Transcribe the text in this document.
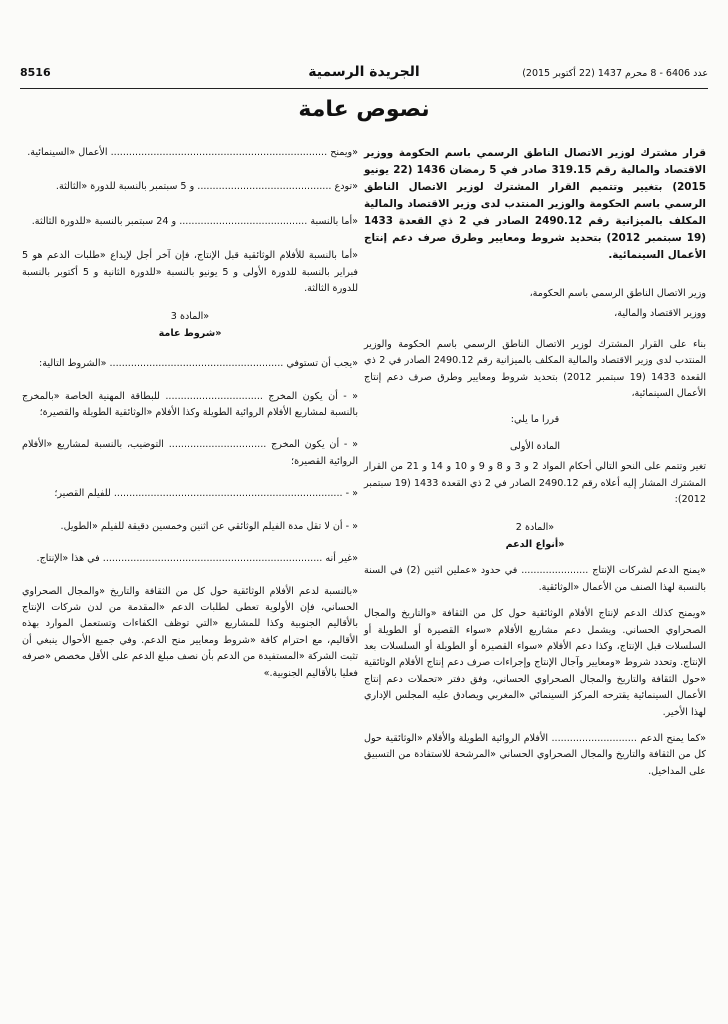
8516	الجريدة الرسمية	عدد 6406 - 8 محرم 1437 (22 أكتوبر 2015)
نصوص عامة

قرار مشترك لوزير الاتصال الناطق الرسمي باسم الحكومة ووزير الاقتصاد والمالية رقم 319.15 صادر في 5 رمضان 1436 (22 يونيو 2015) بتغيير وتتميم القرار المشترك لوزير الاتصال الناطق الرسمي باسم الحكومة والوزير المنتدب لدى وزير الاقتصاد والمالية المكلف بالميزانية رقم 2490.12 الصادر في 2 ذي القعدة 1433 (19 سبتمبر 2012) بتحديد شروط ومعايير وطرق صرف دعم إنتاج الأعمال السينمائية.

وزير الاتصال الناطق الرسمي باسم الحكومة،

ووزير الاقتصاد والمالية،

بناء على القرار المشترك لوزير الاتصال الناطق الرسمي باسم الحكومة والوزير المنتدب لدى وزير الاقتصاد والمالية المكلف بالميزانية رقم 2490.12 الصادر في 2 ذي القعدة 1433 (19 سبتمبر 2012) بتحديد شروط ومعايير وطرق صرف دعم إنتاج الأعمال السينمائية،

قررا ما يلي:

المادة الأولى

تغير وتتمم على النحو التالي أحكام المواد 2 و 3 و 8 و 9 و 10 و 14 و 21 من القرار المشترك المشار إليه أعلاه رقم 2490.12 الصادر في 2 ذي القعدة 1433 (19 سبتمبر 2012):

«المادة 2

«أنواع الدعم

«يمنح الدعم لشركات الإنتاج ...................... في حدود «عملين اثنين (2) في السنة بالنسبة لهذا الصنف من الأعمال «الوثائقية.

«ويمنح كذلك الدعم لإنتاج الأفلام الوثائقية حول كل من الثقافة «والتاريخ والمجال الصحراوي الحساني. ويشمل دعم مشاريع الأفلام «سواء القصيرة أو الطويلة أو السلسلات قبل الإنتاج، وكذا دعم الأفلام «سواء القصيرة أو الطويلة أو السلسلات بعد الإنتاج. وتحدد شروط «ومعايير وآجال الإنتاج وإجراءات صرف دعم إنتاج الأفلام الوثائقية «حول الثقافة والتاريخ والمجال الصحراوي الحساني، وفق دفتر «تحملات دعم إنتاج الأعمال السينمائية يقترحه المركز السينمائي «المغربي ويصادق عليه المجلس الإداري لهذا الأخير.

«كما يمنح الدعم ............................ الأفلام الروائية الطويلة والأفلام «الوثائقية حول كل من الثقافة والتاريخ والمجال الصحراوي الحساني «المرشحة للاستفادة من التسبيق على المداخيل.

«ويمنح ....................................................................... الأعمال «السينمائية.

«تودع ............................................ و 5 سبتمبر بالنسبة للدورة «الثالثة.

«أما بالنسبة .......................................... و 24 سبتمبر بالنسبة «للدورة الثالثة.

«أما بالنسبة للأفلام الوثائقية قبل الإنتاج، فإن آخر أجل لإيداع «طلبات الدعم هو 5 فبراير بالنسبة للدورة الأولى و 5 يونيو بالنسبة «للدورة الثانية و 5 أكتوبر بالنسبة للدورة الثالثة.

«المادة 3

«شروط عامة

«يجب أن تستوفي ......................................................... «الشروط التالية:

« - أن يكون المخرج ................................ للبطاقة المهنية الخاصة «بالمخرج بالنسبة لمشاريع الأفلام الروائية الطويلة وكذا الأفلام «الوثائقية الطويلة والقصيرة؛

« - أن يكون المخرج ................................ التوضيب، بالنسبة لمشاريع «الأفلام الروائية القصيرة؛

« - ........................................................................... للفيلم القصير؛

« - أن لا تقل مدة الفيلم الوثائقي عن اثنين وخمسين دقيقة للفيلم «الطويل.

«غير أنه ........................................................................ في هذا «الإنتاج.

«بالنسبة لدعم الأفلام الوثائقية حول كل من الثقافة والتاريخ «والمجال الصحراوي الحساني، فإن الأولوية تعطى لطلبات الدعم «المقدمة من لدن شركات الإنتاج بالأقاليم الجنوبية وكذا للمشاريع «التي توظف الكفاءات وتستعمل الموارد بهذه الأقاليم، مع احترام كافة «شروط ومعايير منح الدعم. وفي جميع الأحوال ينبغي أن تثبت الشركة «المستفيدة من الدعم بأن نصف مبلغ الدعم على الأقل مخصص «صرفه فعليا بالأقاليم الجنوبية.»
